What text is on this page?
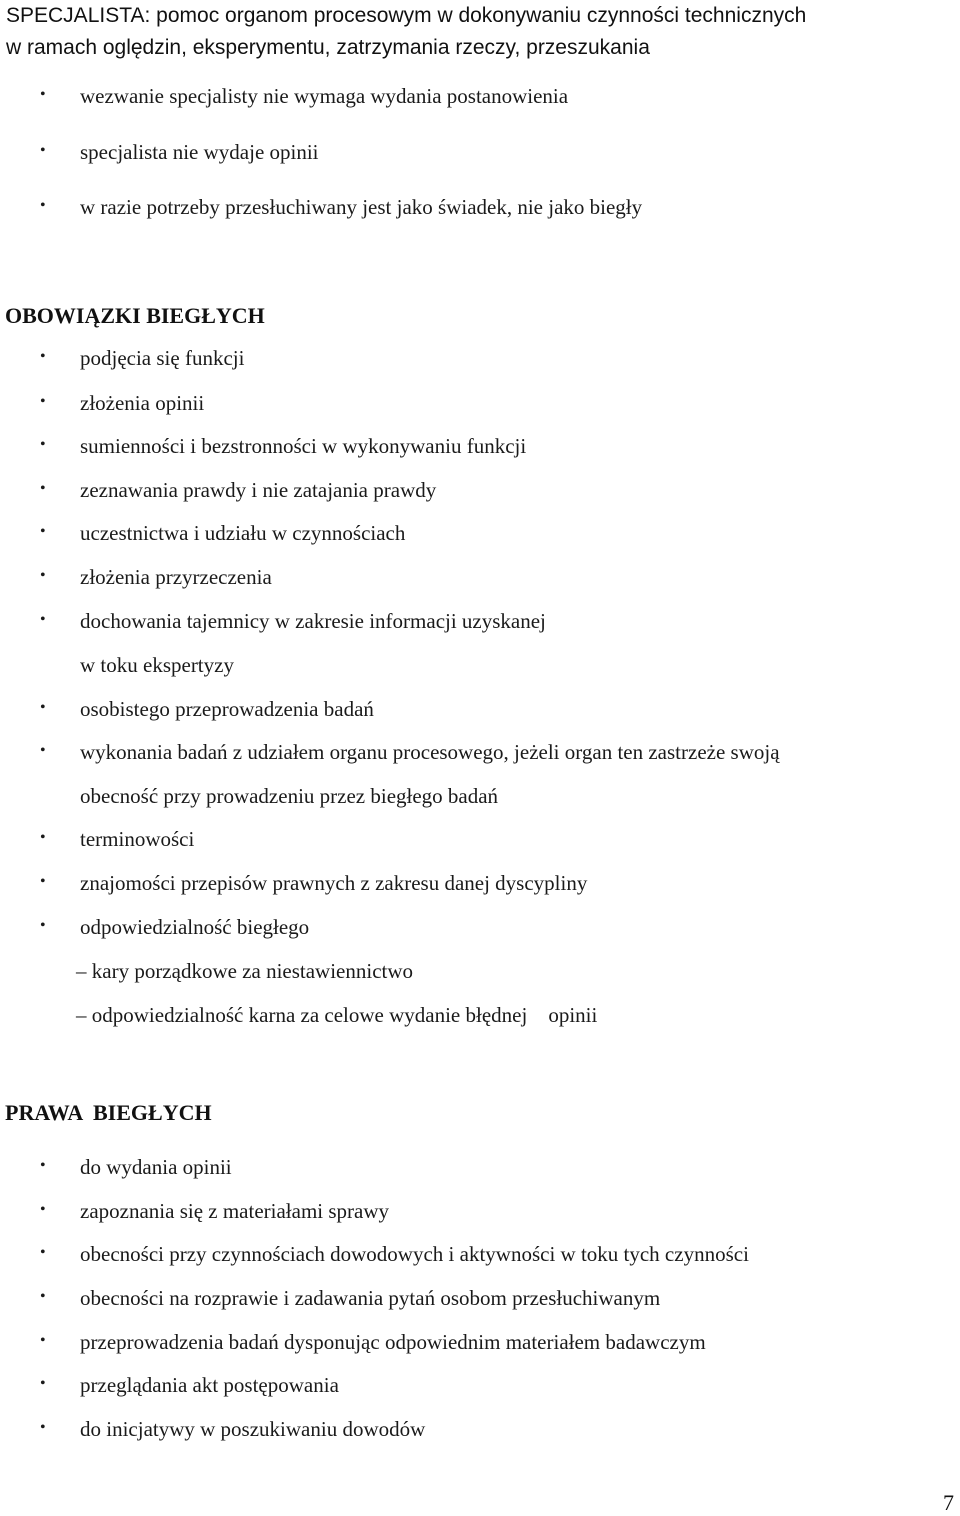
SPECJALISTA: pomoc organom procesowym w dokonywaniu czynności technicznych
w ramach oględzin, eksperymentu, zatrzymania rzeczy, przeszukania
• wezwanie specjalisty nie wymaga wydania postanowienia
• specjalista nie wydaje opinii
• w razie potrzeby przesłuchiwany jest jako świadek, nie jako biegły
OBOWIĄZKI BIEGŁYCH
• podjęcia się funkcji
• złożenia opinii
• sumienności i bezstronności w wykonywaniu funkcji
• zeznawania prawdy i nie zatajania prawdy
• uczestnictwa i udziału w czynnościach
• złożenia przyrzeczenia
• dochowania tajemnicy w zakresie informacji uzyskanej
w toku ekspertyzy
• osobistego przeprowadzenia badań
• wykonania badań z udziałem organu procesowego, jeżeli organ ten zastrzeże swoją
obecność przy prowadzeniu przez biegłego badań
• terminowości
• znajomości przepisów prawnych z zakresu danej dyscypliny
• odpowiedzialność biegłego
– kary porządkowe za niestawiennictwo
– odpowiedzialność karna za celowe wydanie błędnej    opinii
PRAWA  BIEGŁYCH
• do wydania opinii
• zapoznania się z materiałami sprawy
• obecności przy czynnościach dowodowych i aktywności w toku tych czynności
• obecności na rozprawie i zadawania pytań osobom przesłuchiwanym
• przeprowadzenia badań dysponując odpowiednim materiałem badawczym
• przeglądania akt postępowania
• do inicjatywy w poszukiwaniu dowodów
7
